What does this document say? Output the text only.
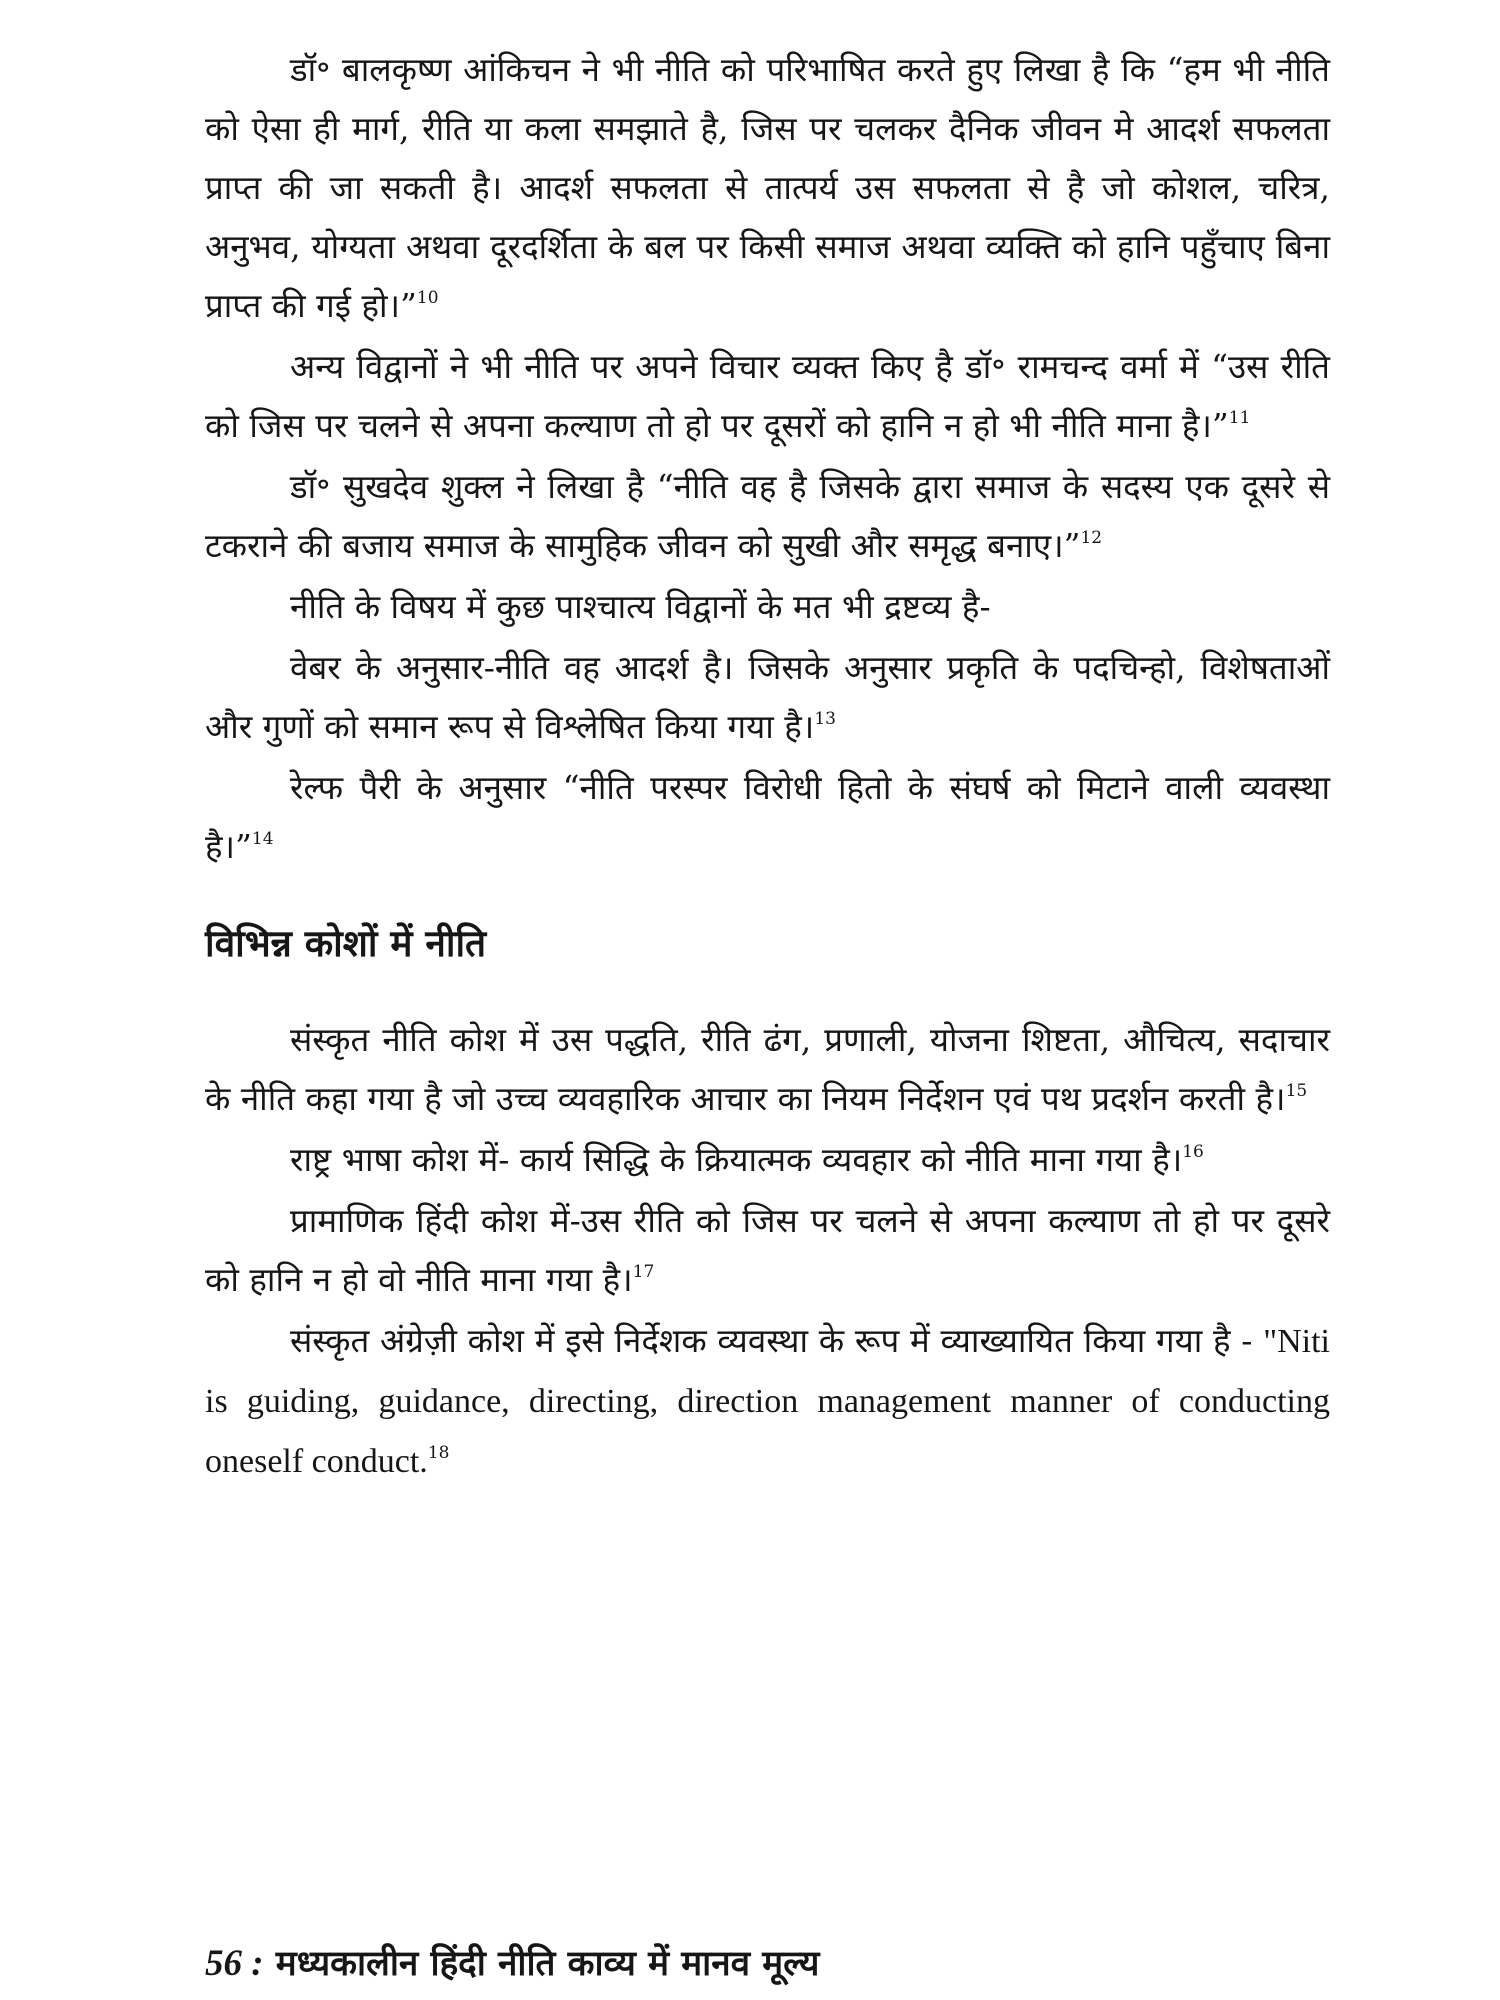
डॉ॰ बालकृष्ण आंकिचन ने भी नीति को परिभाषित करते हुए लिखा है कि “हम भी नीति को ऐसा ही मार्ग, रीति या कला समझाते है, जिस पर चलकर दैनिक जीवन मे आदर्श सफलता प्राप्त की जा सकती है। आदर्श सफलता से तात्पर्य उस सफलता से है जो कोशल, चरित्र, अनुभव, योग्यता अथवा दूरदर्शिता के बल पर किसी समाज अथवा व्यक्ति को हानि पहुँचाए बिना प्राप्त की गई हो।”$^{10}$

अन्य विद्वानों ने भी नीति पर अपने विचार व्यक्त किए है डॉ॰ रामचन्द वर्मा में “उस रीति को जिस पर चलने से अपना कल्याण तो हो पर दूसरों को हानि न हो भी नीति माना है।”$^{11}$

डॉ॰ सुखदेव शुक्ल ने लिखा है “नीति वह है जिसके द्वारा समाज के सदस्य एक दूसरे से टकराने की बजाय समाज के सामुहिक जीवन को सुखी और समृद्ध बनाए।”$^{12}$

नीति के विषय में कुछ पाश्चात्य विद्वानों के मत भी द्रष्टव्य है-

वेबर के अनुसार-नीति वह आदर्श है। जिसके अनुसार प्रकृति के पदचिन्हो, विशेषताओं और गुणों को समान रूप से विश्लेषित किया गया है।$^{13}$

रेल्फ पैरी के अनुसार “नीति परस्पर विरोधी हितो के संघर्ष को मिटाने वाली व्यवस्था है।”$^{14}$

विभिन्न कोशों में नीति

संस्कृत नीति कोश में उस पद्धति, रीति ढंग, प्रणाली, योजना शिष्टता, औचित्य, सदाचार के नीति कहा गया है जो उच्च व्यवहारिक आचार का नियम निर्देशन एवं पथ प्रदर्शन करती है।$^{15}$

राष्ट्र भाषा कोश में- कार्य सिद्धि के क्रियात्मक व्यवहार को नीति माना गया है।$^{16}$

प्रामाणिक हिंदी कोश में-उस रीति को जिस पर चलने से अपना कल्याण तो हो पर दूसरे को हानि न हो वो नीति माना गया है।$^{17}$

संस्कृत अंग्रेज़ी कोश में इसे निर्देशक व्यवस्था के रूप में व्याख्यायित किया गया है - "Niti is guiding, guidance, directing, direction management manner of conducting oneself conduct.$^{18}$

56 : मध्यकालीन हिंदी नीति काव्य में मानव मूल्य
